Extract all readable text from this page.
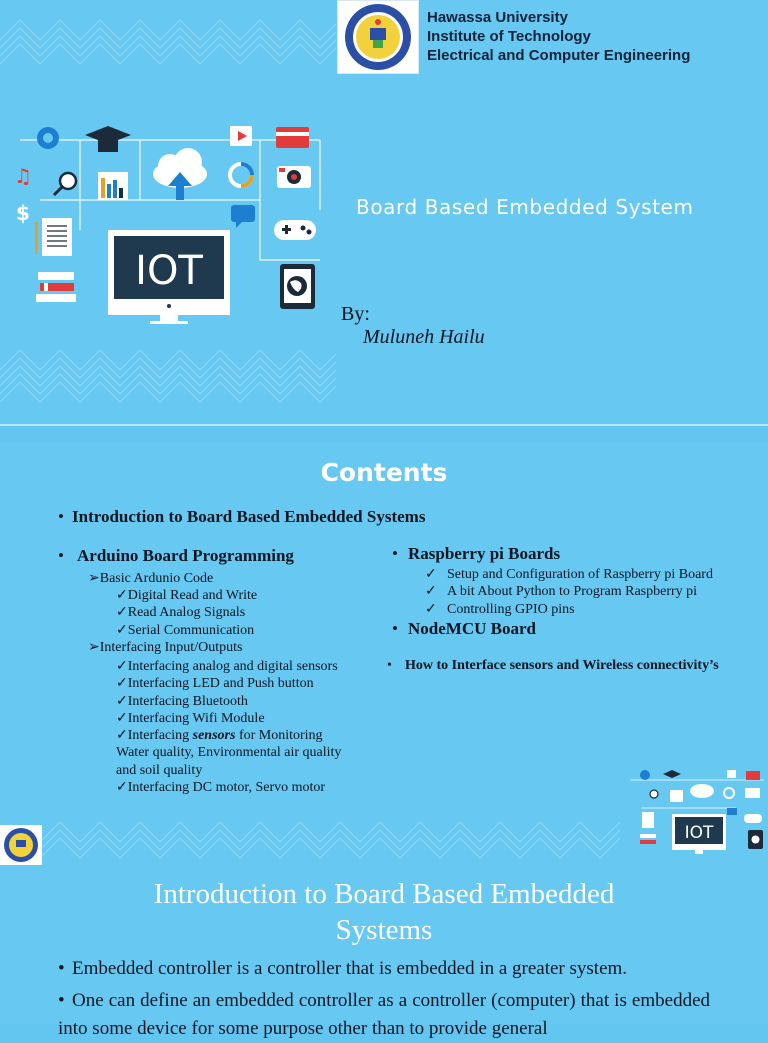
♫
$
IOT
Hawassa University
Institute of Technology
Electrical and Computer Engineering
Board Based Embedded System
By:
Muluneh Hailu
Contents
• Introduction to Board Based Embedded Systems
• Arduino Board Programming
➢Basic Ardunio Code
✓Digital Read and Write
✓Read Analog Signals
✓Serial Communication
➢Interfacing Input/Outputs
✓Interfacing analog and digital sensors
✓Interfacing LED and Push button
✓Interfacing Bluetooth
✓Interfacing Wifi Module
✓Interfacing sensors for Monitoring Water quality, Environmental air quality and soil quality
✓Interfacing DC motor, Servo motor
• Raspberry pi Boards
✓ Setup and Configuration of Raspberry pi Board
✓ A bit About Python to Program Raspberry pi
✓ Controlling GPIO pins
• NodeMCU Board
• How to Interface sensors and Wireless connectivity’s
IOT
Introduction to Board Based Embedded
Systems
• Embedded controller is a controller that is embedded in a greater system.
• One can define an embedded controller as a controller (computer) that is embedded into some device for some purpose other than to provide general
